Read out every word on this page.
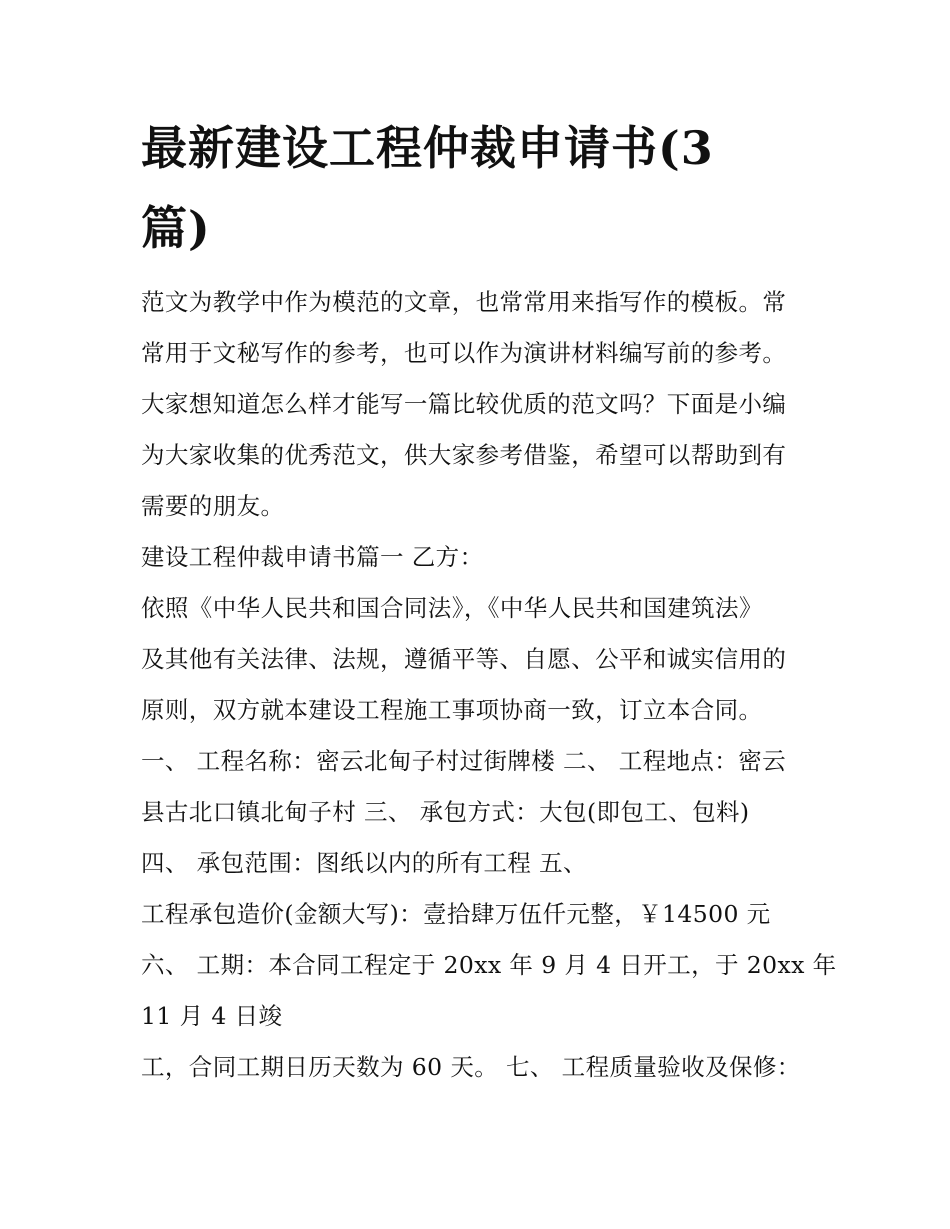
最新建设工程仲裁申请书(3篇)
范文为教学中作为模范的文章，也常常用来指写作的模板。常
常用于文秘写作的参考，也可以作为演讲材料编写前的参考。
大家想知道怎么样才能写一篇比较优质的范文吗？下面是小编
为大家收集的优秀范文，供大家参考借鉴，希望可以帮助到有
需要的朋友。
建设工程仲裁申请书篇一 乙方：
依照《中华人民共和国合同法》，《中华人民共和国建筑法》
及其他有关法律、法规，遵循平等、自愿、公平和诚实信用的
原则，双方就本建设工程施工事项协商一致，订立本合同。
一、 工程名称：密云北甸子村过街牌楼 二、 工程地点：密云
县古北口镇北甸子村 三、 承包方式：大包(即包工、包料)
四、 承包范围：图纸以内的所有工程 五、
工程承包造价(金额大写)：壹拾肆万伍仟元整，￥14500 元
六、 工期：本合同工程定于 20xx 年 9 月 4 日开工，于 20xx 年
11 月 4 日竣
工，合同工期日历天数为 60 天。 七、 工程质量验收及保修：
